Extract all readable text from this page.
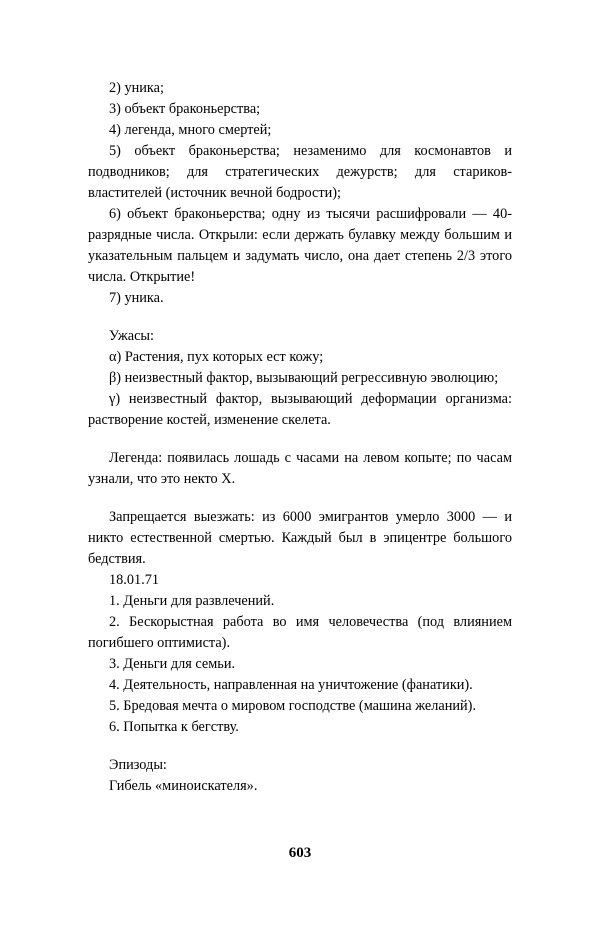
2) уника;

3) объект браконьерства;

4) легенда, много смертей;

5) объект браконьерства; незаменимо для космонавтов и подводников; для стратегических дежурств; для стариков-властителей (источник вечной бодрости);

6) объект браконьерства; одну из тысячи расшифровали — 40-разрядные числа. Открыли: если держать булавку между большим и указательным пальцем и задумать число, она дает степень 2/3 этого числа. Открытие!

7) уника.

Ужасы:

α) Растения, пух которых ест кожу;

β) неизвестный фактор, вызывающий регрессивную эволюцию;

γ) неизвестный фактор, вызывающий деформации организма: растворение костей, изменение скелета.

Легенда: появилась лошадь с часами на левом копыте; по часам узнали, что это некто Х.

Запрещается выезжать: из 6000 эмигрантов умерло 3000 — и никто естественной смертью. Каждый был в эпицентре большого бедствия.

18.01.71

1. Деньги для развлечений.

2. Бескорыстная работа во имя человечества (под влиянием погибшего оптимиста).

3. Деньги для семьи.

4. Деятельность, направленная на уничтожение (фанатики).

5. Бредовая мечта о мировом господстве (машина желаний).

6. Попытка к бегству.

Эпизоды:

Гибель «миноискателя».

603
